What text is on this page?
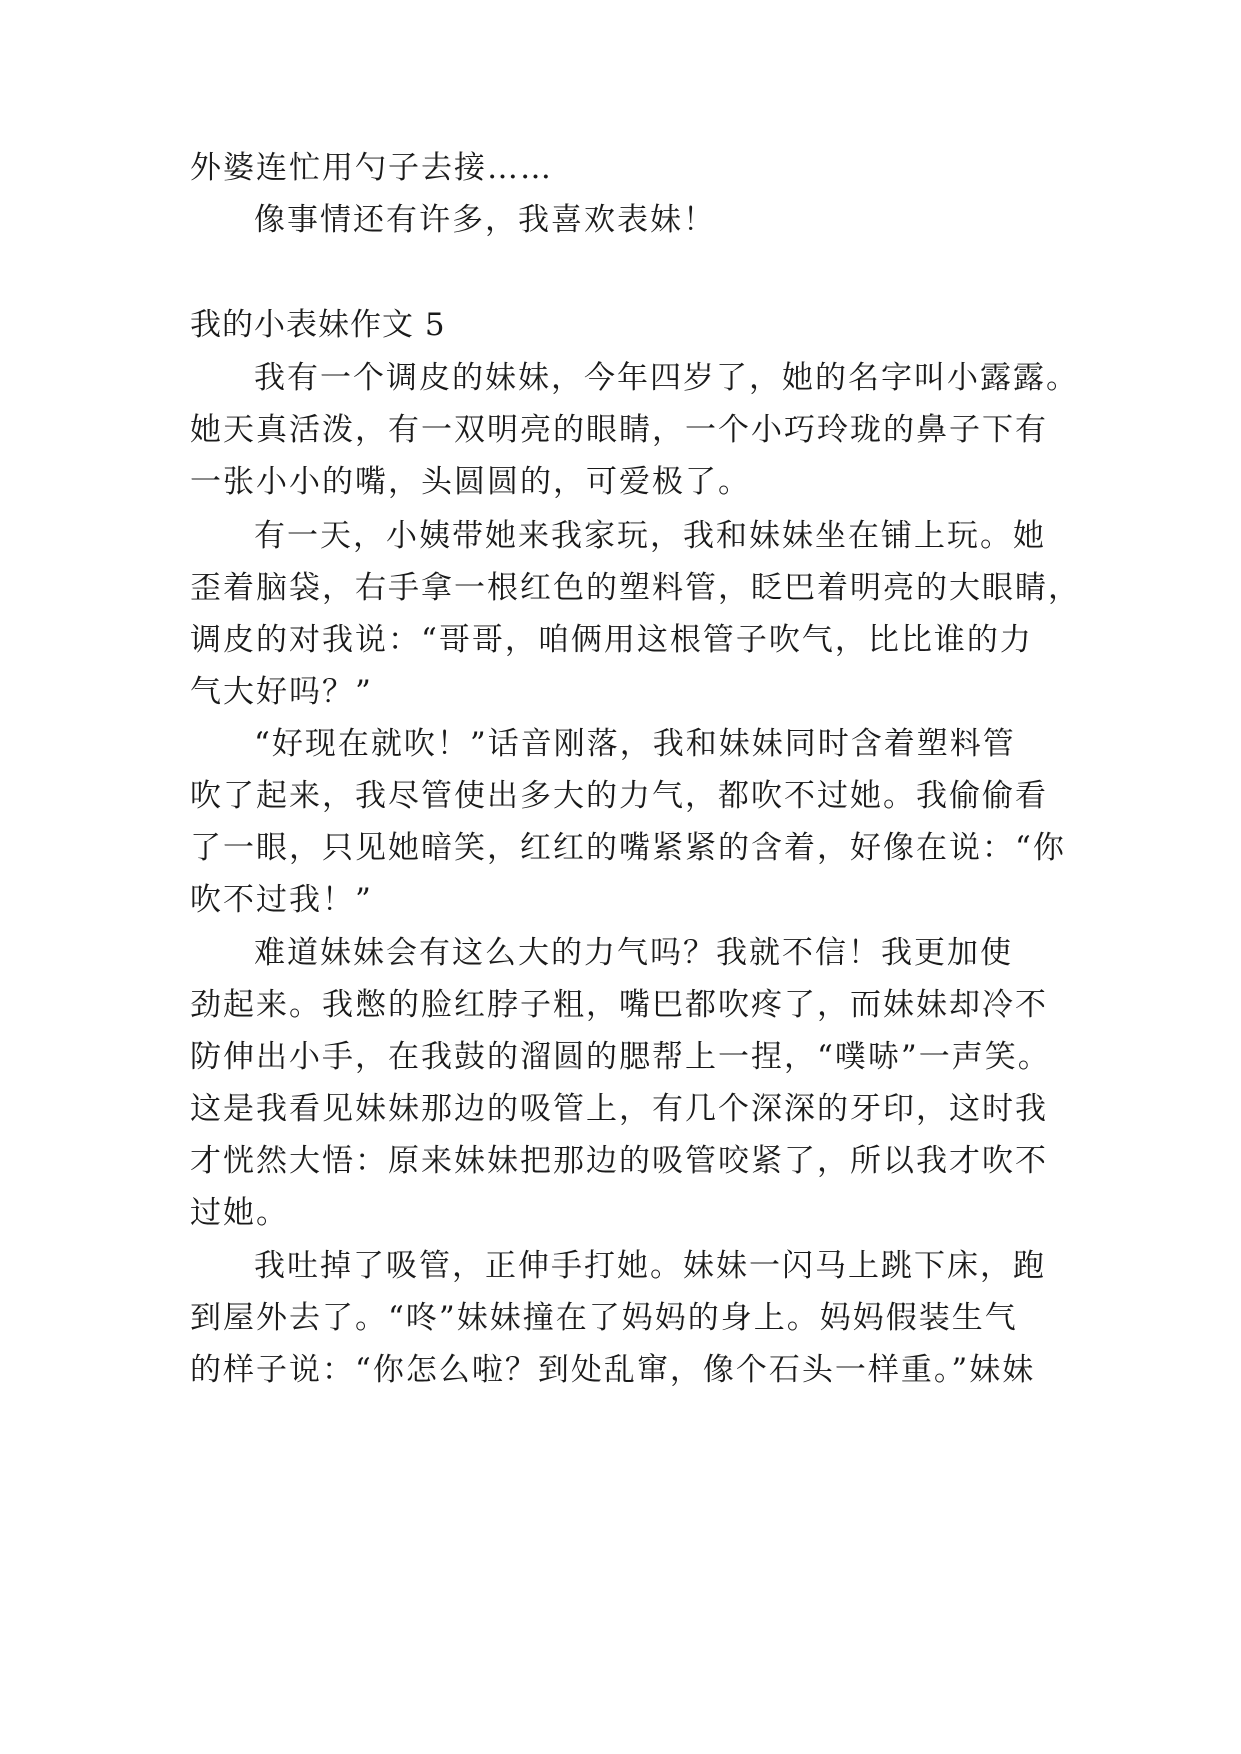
外婆连忙用勺子去接……
像事情还有许多，我喜欢表妹！
我的小表妹作文 5
我有一个调皮的妹妹，今年四岁了，她的名字叫小露露。
她天真活泼，有一双明亮的眼睛，一个小巧玲珑的鼻子下有
一张小小的嘴，头圆圆的，可爱极了。
有一天，小姨带她来我家玩，我和妹妹坐在铺上玩。她
歪着脑袋，右手拿一根红色的塑料管，眨巴着明亮的大眼睛，
调皮的对我说：“哥哥，咱俩用这根管子吹气，比比谁的力
气大好吗？”
“好现在就吹！”话音刚落，我和妹妹同时含着塑料管
吹了起来，我尽管使出多大的力气，都吹不过她。我偷偷看
了一眼，只见她暗笑，红红的嘴紧紧的含着，好像在说：“你
吹不过我！”
难道妹妹会有这么大的力气吗？我就不信！我更加使
劲起来。我憋的脸红脖子粗，嘴巴都吹疼了，而妹妹却冷不
防伸出小手，在我鼓的溜圆的腮帮上一捏，“噗哧”一声笑。
这是我看见妹妹那边的吸管上，有几个深深的牙印，这时我
才恍然大悟：原来妹妹把那边的吸管咬紧了，所以我才吹不
过她。
我吐掉了吸管，正伸手打她。妹妹一闪马上跳下床，跑
到屋外去了。“咚”妹妹撞在了妈妈的身上。妈妈假装生气
的样子说：“你怎么啦？到处乱窜，像个石头一样重。”妹妹
